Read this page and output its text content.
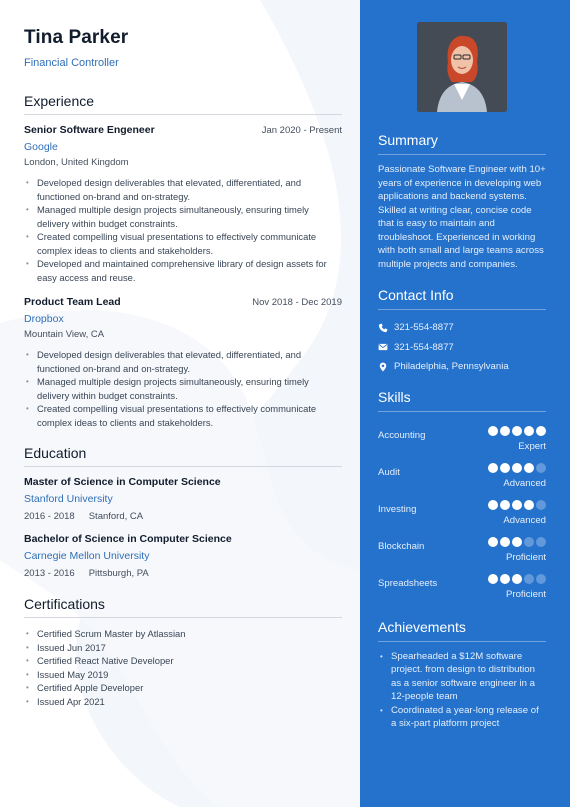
Tina Parker
Financial Controller
Experience
Senior Software Engeneer	Jan 2020 - Present
Google
London, United Kingdom
• Developed design deliverables that elevated, differentiated, and functioned on-brand and on-strategy.
• Managed multiple design projects simultaneously, ensuring timely delivery within budget constraints.
• Created compelling visual presentations to effectively communicate complex ideas to clients and stakeholders.
• Developed and maintained comprehensive library of design assets for easy access and reuse.
Product Team Lead	Nov 2018 - Dec 2019
Dropbox
Mountain View, CA
• Developed design deliverables that elevated, differentiated, and functioned on-brand and on-strategy.
• Managed multiple design projects simultaneously, ensuring timely delivery within budget constraints.
• Created compelling visual presentations to effectively communicate complex ideas to clients and stakeholders.
Education
Master of Science in Computer Science
Stanford University
2016 - 2018 Stanford, CA
Bachelor of Science in Computer Science
Carnegie Mellon University
2013 - 2016 Pittsburgh, PA
Certifications
• Certified Scrum Master by Atlassian
• Issued Jun 2017
• Certified React Native Developer
• Issued May 2019
• Certified Apple Developer
• Issued Apr 2021
Summary
Passionate Software Engineer with 10+ years of experience in developing web applications and backend systems. Skilled at writing clear, concise code that is easy to maintain and troubleshoot. Experienced in working with both small and large teams across multiple projects and companies.
Contact Info
321-554-8877
321-554-8877
Philadelphia, Pennsylvania
Skills
Accounting
Expert
Audit
Advanced
Investing
Advanced
Blockchain
Proficient
Spreadsheets
Proficient
Achievements
• Spearheaded a $12M software project. from design to distribution as a senior software engineer in a 12-people team
• Coordinated a year-long release of a six-part platform project
